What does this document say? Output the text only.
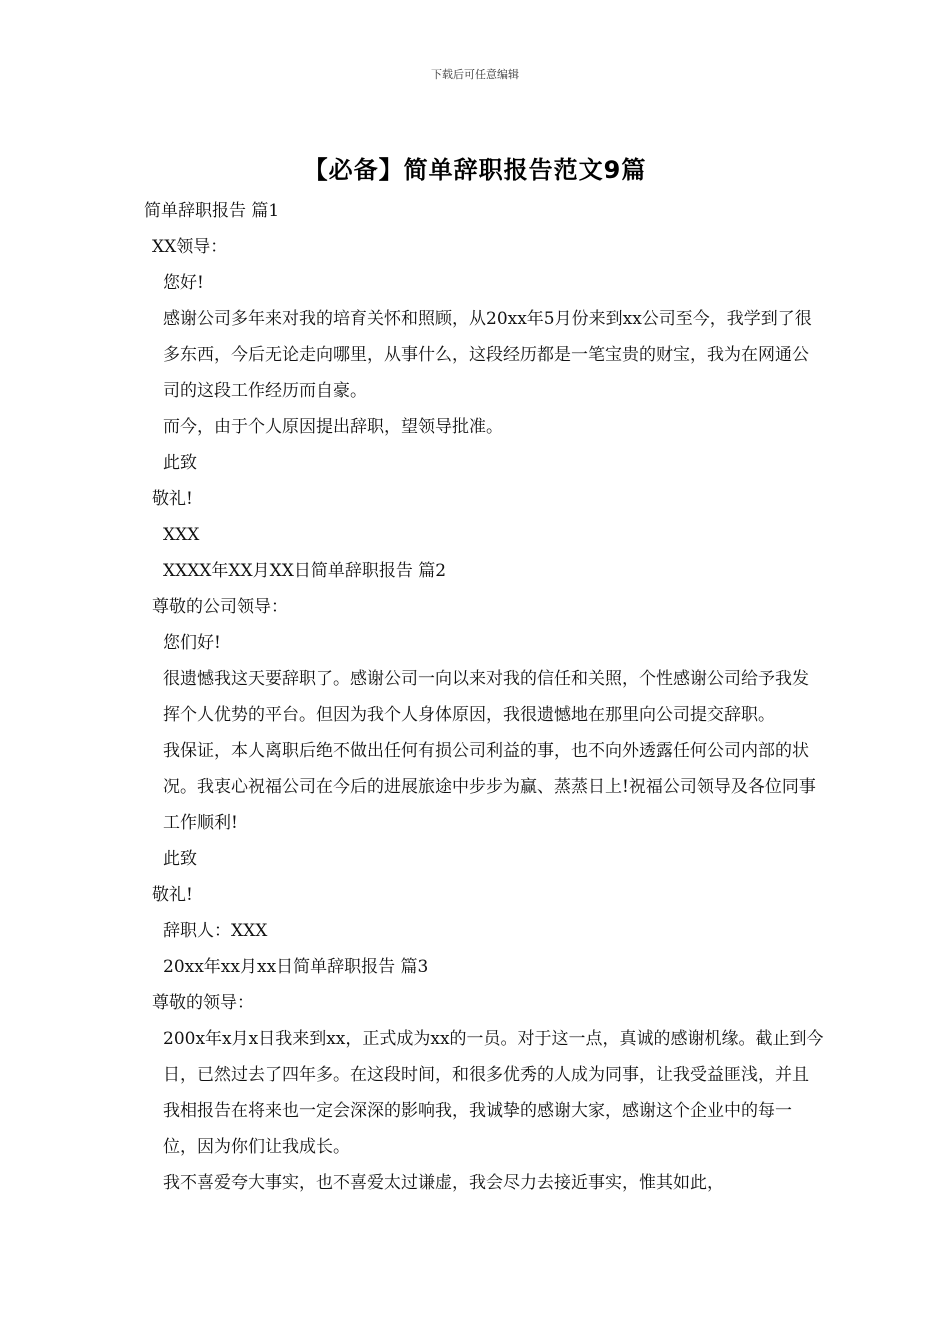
下载后可任意编辑
【必备】简单辞职报告范文9篇

简单辞职报告 篇1

XX领导：

您好!

感谢公司多年来对我的培育关怀和照顾，从20xx年5月份来到xx公司至今，我学到了很多东西，今后无论走向哪里，从事什么，这段经历都是一笔宝贵的财宝，我为在网通公司的这段工作经历而自豪。

而今，由于个人原因提出辞职，望领导批准。

此致

敬礼!

XXX

XXXX年XX月XX日简单辞职报告 篇2

尊敬的公司领导：

您们好!

很遗憾我这天要辞职了。感谢公司一向以来对我的信任和关照，个性感谢公司给予我发挥个人优势的平台。但因为我个人身体原因，我很遗憾地在那里向公司提交辞职。

我保证，本人离职后绝不做出任何有损公司利益的事，也不向外透露任何公司内部的状况。我衷心祝福公司在今后的进展旅途中步步为赢、蒸蒸日上!祝福公司领导及各位同事工作顺利!

此致

敬礼!

辞职人：XXX

20xx年xx月xx日简单辞职报告 篇3

尊敬的领导：

200x年x月x日我来到xx，正式成为xx的一员。对于这一点，真诚的感谢机缘。截止到今日，已然过去了四年多。在这段时间，和很多优秀的人成为同事，让我受益匪浅，并且我相报告在将来也一定会深深的影响我，我诚挚的感谢大家，感谢这个企业中的每一位，因为你们让我成长。

我不喜爱夸大事实，也不喜爱太过谦虚，我会尽力去接近事实，惟其如此，
